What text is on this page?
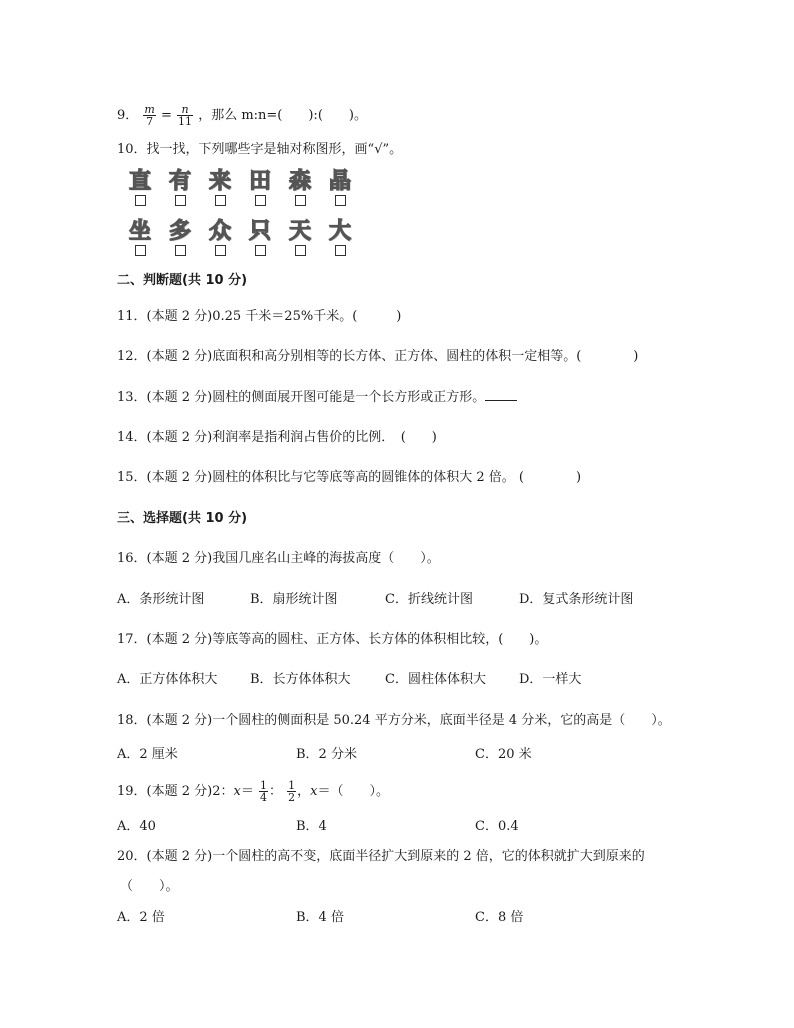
9． $\frac{m}{7} = \frac{n}{11}$ ，那么 m:n=(　　):(　　)。
10．找一找，下列哪些字是轴对称图形，画“√”。
直 有 来 田 森 晶
坐 多 众 只 天 大
二、判断题(共 10 分)
11．(本题 2 分)0.25 千米＝25%千米。(　　　)
12．(本题 2 分)底面积和高分别相等的长方体、正方体、圆柱的体积一定相等。(　　　　)
13．(本题 2 分)圆柱的侧面展开图可能是一个长方形或正方形。
14．(本题 2 分)利润率是指利润占售价的比例．　(　　)
15．(本题 2 分)圆柱的体积比与它等底等高的圆锥体的体积大 2 倍。 (　　　　)
三、选择题(共 10 分)
16．(本题 2 分)我国几座名山主峰的海拔高度（　　）。
A．条形统计图	B．扇形统计图	C．折线统计图	D．复式条形统计图
17．(本题 2 分)等底等高的圆柱、正方体、长方体的体积相比较，(　　)。
A．正方体体积大	B．长方体体积大	C．圆柱体体积大	D．一样大
18．(本题 2 分)一个圆柱的侧面积是 50.24 平方分米，底面半径是 4 分米，它的高是（　　）。
A．2 厘米	B．2 分米	C．20 米
19．(本题 2 分)2：$x= \frac{1}{4}$ ： $\frac{1}{2}$ ，x＝（　　）。
A．40	B．4	C．0.4
20．(本题 2 分)一个圆柱的高不变，底面半径扩大到原来的 2 倍，它的体积就扩大到原来的
（　　）。
A．2 倍	B．4 倍	C．8 倍
